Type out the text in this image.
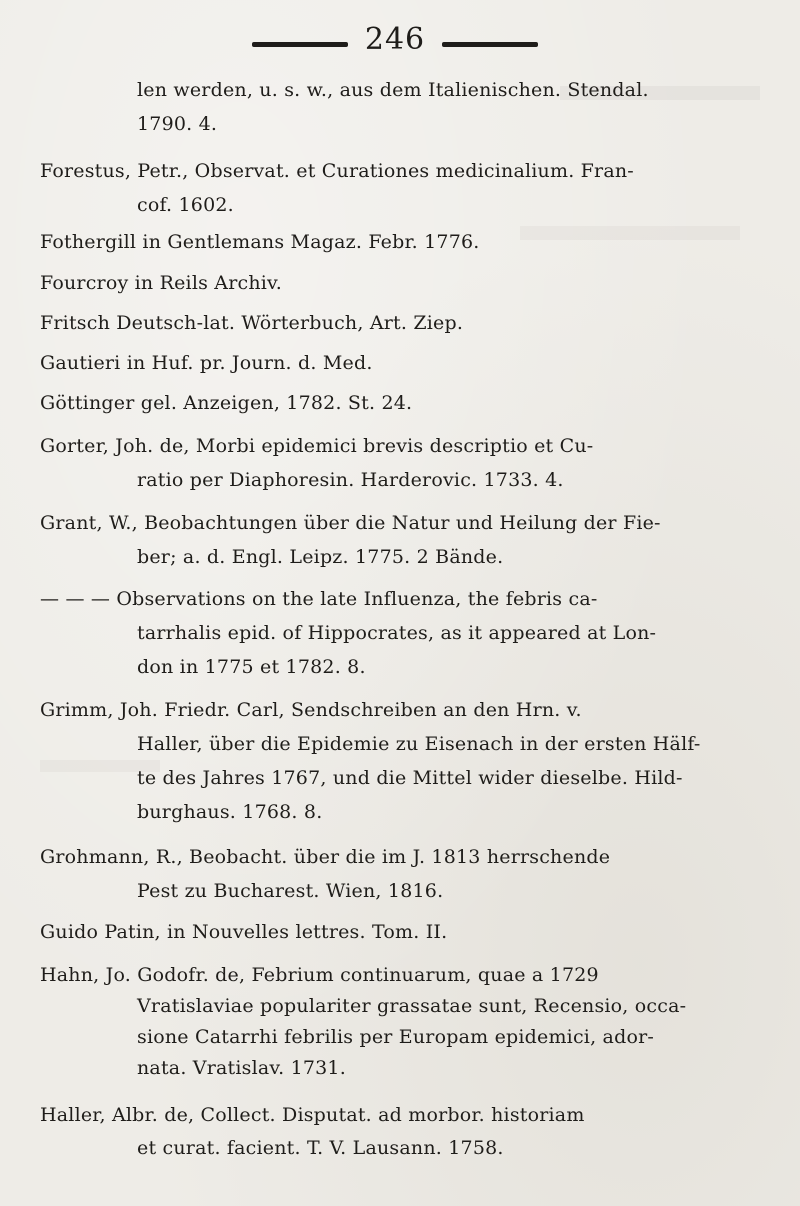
246
len werden, u. s. w., aus dem Italienischen. Stendal.
1790. 4.
Forestus, Petr., Observat. et Curationes medicinalium. Fran-
cof. 1602.
Fothergill in Gentlemans Magaz. Febr. 1776.
Fourcroy in Reils Archiv.
Fritsch Deutsch-lat. Wörterbuch, Art. Ziep.
Gautieri in Huf. pr. Journ. d. Med.
Göttinger gel. Anzeigen, 1782. St. 24.
Gorter, Joh. de, Morbi epidemici brevis descriptio et Cu-
ratio per Diaphoresin. Harderovic. 1733. 4.
Grant, W., Beobachtungen über die Natur und Heilung der Fie-
ber; a. d. Engl. Leipz. 1775. 2 Bände.
— — — Observations on the late Influenza, the febris ca-
tarrhalis epid. of Hippocrates, as it appeared at Lon-
don in 1775 et 1782. 8.
Grimm, Joh. Friedr. Carl, Sendschreiben an den Hrn. v.
Haller, über die Epidemie zu Eisenach in der ersten Hälf-
te des Jahres 1767, und die Mittel wider dieselbe. Hild-
burghaus. 1768. 8.
Grohmann, R., Beobacht. über die im J. 1813 herrschende
Pest zu Bucharest. Wien, 1816.
Guido Patin, in Nouvelles lettres. Tom. II.
Hahn, Jo. Godofr. de, Febrium continuarum, quae a 1729
Vratislaviae populariter grassatae sunt, Recensio, occa-
sione Catarrhi febrilis per Europam epidemici, ador-
nata. Vratislav. 1731.
Haller, Albr. de, Collect. Disputat. ad morbor. historiam
et curat. facient. T. V. Lausann. 1758.
